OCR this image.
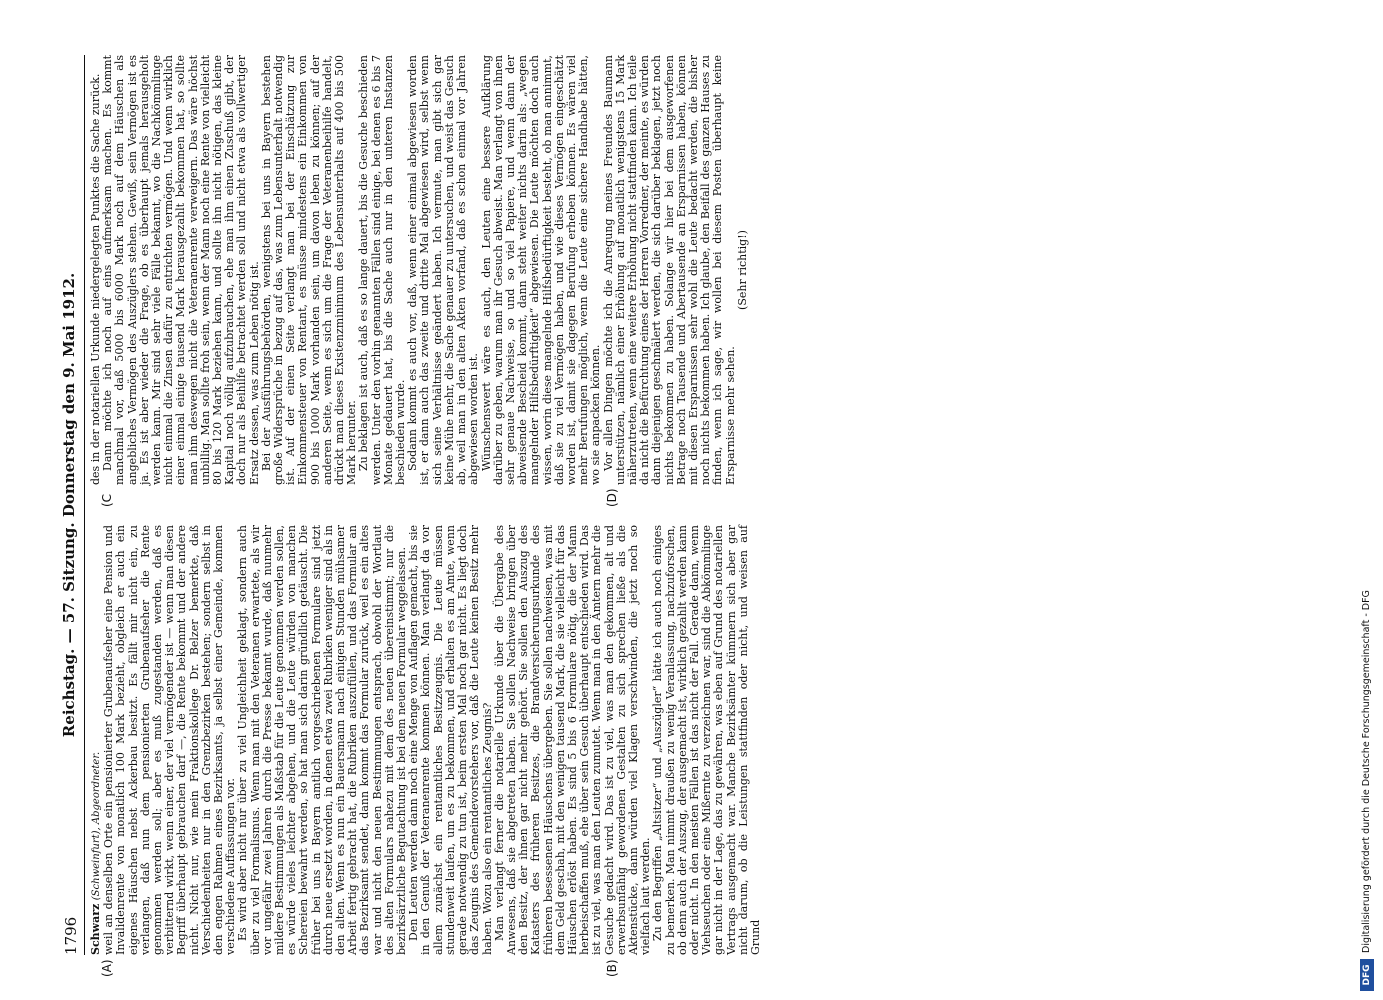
1796
Reichstag. — 57. Sitzung. Donnerstag den 9. Mai 1912.
(A)	(B)
(C	(D)

Schwarz (Schweinfurt), Abgeordneter. weil an denselben Orte ein pensionierter Grubenaufseher eine Pension und Invalidenrente von monatlich 100 Mark bezieht, obgleich er auch ein eigenes Häuschen nebst Ackerbau besitzt. Es fällt mir nicht ein, zu verlangen, daß nun dem pensionierten Grubenaufseher die Rente genommen werden soll; aber es muß zugestanden werden, daß es verbitternd wirkt, wenn einer, der viel vermögender ist — wenn man diesen Begriff überhaupt gebrauchen darf —, die Rente bekommt und der andere nicht. Nicht nur, wie mein Fraktionskollege Dr. Belzer bemerkte, daß Verschiedenheiten nur in den Grenzbezirken bestehen; sondern selbst in den engen Rahmen eines Bezirksamts, ja selbst einer Gemeinde, kommen verschiedene Auffassungen vor. Es wird aber nicht nur über zu viel Ungleichheit geklagt, sondern auch über zu viel Formalismus. Wenn man mit den Veteranen erwartete, als wir vor ungefähr zwei Jahren durch die Presse bekannt wurde, daß nunmehr mildere Bestimmungen als Maßstab für die Leute genommen werden sollen, es würde vieles leichter abgehen, und die Leute würden von manchen Schereien bewahrt werden, so hat man sich darin gründlich getäuscht. Die früher bei uns in Bayern amtlich vorgeschriebenen Formulare sind jetzt durch neue ersetzt worden, in denen etwa zwei Rubriken weniger sind als in den alten. Wenn es nun ein Bauersmann nach einigen Stunden mühsamer Arbeit fertig gebracht hat, die Rubriken auszufüllen, und das Formular an das Bezirksamt sendet, dann kommt das Formular zurück, weil es ein altes war und nicht den neuen Bestimmungen entsprach, obwohl der Wortlaut des alten Formulars nahezu mit dem des neuen übereinstimmt; nur die bezirksärztliche Begutachtung ist bei dem neuen Formular weggelassen. Den Leuten werden dann noch eine Menge von Auflagen gemacht, bis sie in den Genuß der Veteranenrente kommen können. Man verlangt da vor allem zunächst ein rentamtliches Besitzzeugnis. Die Leute müssen stundenweit laufen, um es zu bekommen, und erhalten es am Amte, wenn gerade notwendig zu tun ist, beim ersten Mal noch gar nicht. Es liegt doch das Zeugnis des Gemeindevorstehers vor, daß die Leute keinen Besitz mehr haben. Wozu also ein rentamtliches Zeugnis? Man verlangt ferner die notarielle Urkunde über die Übergabe des Anwesens, daß sie abgetreten haben. Sie sollen Nachweise bringen über den Besitz, der ihnen gar nicht mehr gehört. Sie sollen den Auszug des Katasters des früheren Besitzes, die Brandversicherungsurkunde des früheren besessenen Häuschens übergeben. Sie sollen nachweisen, was mit dem Geld geschah, mit den wenigen tausend Mark, die sie vielleicht für das Häuschen erlöst haben. Es sind 5 bis 6 Formulare nötig, die der Mann herbeischaffen muß, ehe über sein Gesuch überhaupt entschieden wird. Das ist zu viel, was man den Leuten zumutet. Wenn man in den Ämtern mehr die Gesuche gedacht wird. Das ist zu viel, was man den gekommen, alt und erwerbsunfähig gewordenen Gestalten zu sich sprechen ließe als die Aktenstücke, dann würden viel Klagen verschwinden, die jetzt noch so vielfach laut werden. Zu den Begriffen „Altsitzer“ und „Auszügler“ hätte ich auch noch einiges zu bemerken. Man nimmt draußen zu wenig Veranlassung, nachzuforschen, ob denn auch der Auszug, der ausgemacht ist, wirklich gezahlt werden kann oder nicht. In den meisten Fällen ist das nicht der Fall. Gerade dann, wenn Viehseuchen oder eine Mißernte zu verzeichnen war, sind die Abkömmlinge gar nicht in der Lage, das zu gewähren, was eben auf Grund des notariellen Vertrags ausgemacht war. Manche Bezirksämter kümmern sich aber gar nicht darum, ob die Leistungen stattfinden oder nicht, und weisen auf Grund

des in der notariellen Urkunde niedergelegten Punktes die Sache zurück. Dann möchte ich noch auf eins aufmerksam machen. Es kommt manchmal vor, daß 5000 bis 6000 Mark noch auf dem Häuschen als angebliches Vermögen des Auszüglers stehen. Gewiß, sein Vermögen ist es ja. Es ist aber wieder die Frage, ob es überhaupt jemals herausgeholt werden kann. Mir sind sehr viele Fälle bekannt, wo die Nachkömmlinge nicht einmal die Zinsen dafür zu entrichten vermögen. Und wenn wirklich einer einmal einige tausend Mark herausgezahlt bekommen hat, so sollte man ihm deswegen nicht die Veteranenrente verweigern. Das wäre höchst unbillig. Man sollte froh sein, wenn der Mann noch eine Rente von vielleicht 80 bis 120 Mark beziehen kann, und sollte ihn nicht nötigen, das kleine Kapital noch völlig aufzubrauchen, ehe man ihm einen Zuschuß gibt, der doch nur als Beihilfe betrachtet werden soll und nicht etwa als vollwertiger Ersatz dessen, was zum Leben nötig ist. Bei der Ausführungsbehörden, wenigstens bei uns in Bayern bestehen große Widersprüche in bezug auf das, was zum Lebensunterhalt notwendig ist. Auf der einen Seite verlangt man bei der Einschätzung zur Einkommensteuer von Rentant, es müsse mindestens ein Einkommen von 900 bis 1000 Mark vorhanden sein, um davon leben zu können; auf der anderen Seite, wenn es sich um die Frage der Veteranenbeihilfe handelt, drückt man dieses Existenzminimum des Lebensunterhalts auf 400 bis 500 Mark herunter. Zu beklagen ist auch, daß es so lange dauert, bis die Gesuche beschieden werden. Unter den vorhin genannten Fällen sind einige, bei denen es 6 bis 7 Monate gedauert hat, bis die Sache auch nur in den unteren Instanzen beschieden wurde. Sodann kommt es auch vor, daß, wenn einer einmal abgewiesen worden ist, er dann auch das zweite und dritte Mal abgewiesen wird, selbst wenn sich seine Verhältnisse geändert haben. Ich vermute, man gibt sich gar keine Mühe mehr, die Sache genauer zu untersuchen, und weist das Gesuch ab, weil man in den alten Akten vorfand, daß es schon einmal vor Jahren abgewiesen worden ist. Wünschenswert wäre es auch, den Leuten eine bessere Aufklärung darüber zu geben, warum man ihr Gesuch abweist. Man verlangt von ihnen sehr genaue Nachweise, so und so viel Papiere, und wenn dann der abweisende Bescheid kommt, dann steht weiter nichts darin als: „wegen mangelnder Hilfsbedürftigkeit“ abgewiesen. Die Leute möchten doch auch wissen, worin diese mangelnde Hilfsbedürftigkeit besteht, ob man annimmt, daß sie zu viel Vermögen haben, und wie dieses Vermögen eingeschätzt worden ist, damit sie dagegen Berufung erheben können. Es wären viel mehr Berufungen möglich, wenn die Leute eine sichere Handhabe hätten, wo sie anpacken können. Vor allen Dingen möchte ich die Anregung meines Freundes Baumann unterstützen, nämlich einer Erhöhung auf monatlich wenigstens 15 Mark näherzutreten, wenn eine weitere Erhöhung nicht stattfinden kann. Ich teile da nicht die Befürchtung eines der Herren Vorredner, der meinte, es würden dann diejenigen geschmälert werden, die sich darüber beklagen, jetzt noch nichts bekommen zu haben. Solange wir hier bei dem ausgeworfenen Betrage noch Tausende und Abertausende an Ersparnissen haben, können mit diesen Ersparnissen sehr wohl die Leute bedacht werden, die bisher noch nichts bekommen haben. Ich glaube, den Beifall des ganzen Hauses zu finden, wenn ich sage, wir wollen bei diesem Posten überhaupt keine Ersparnisse mehr sehen.

(Sehr richtig!)

DFG
Digitalisierung gefördert durch die Deutsche Forschungsgemeinschaft - DFG
